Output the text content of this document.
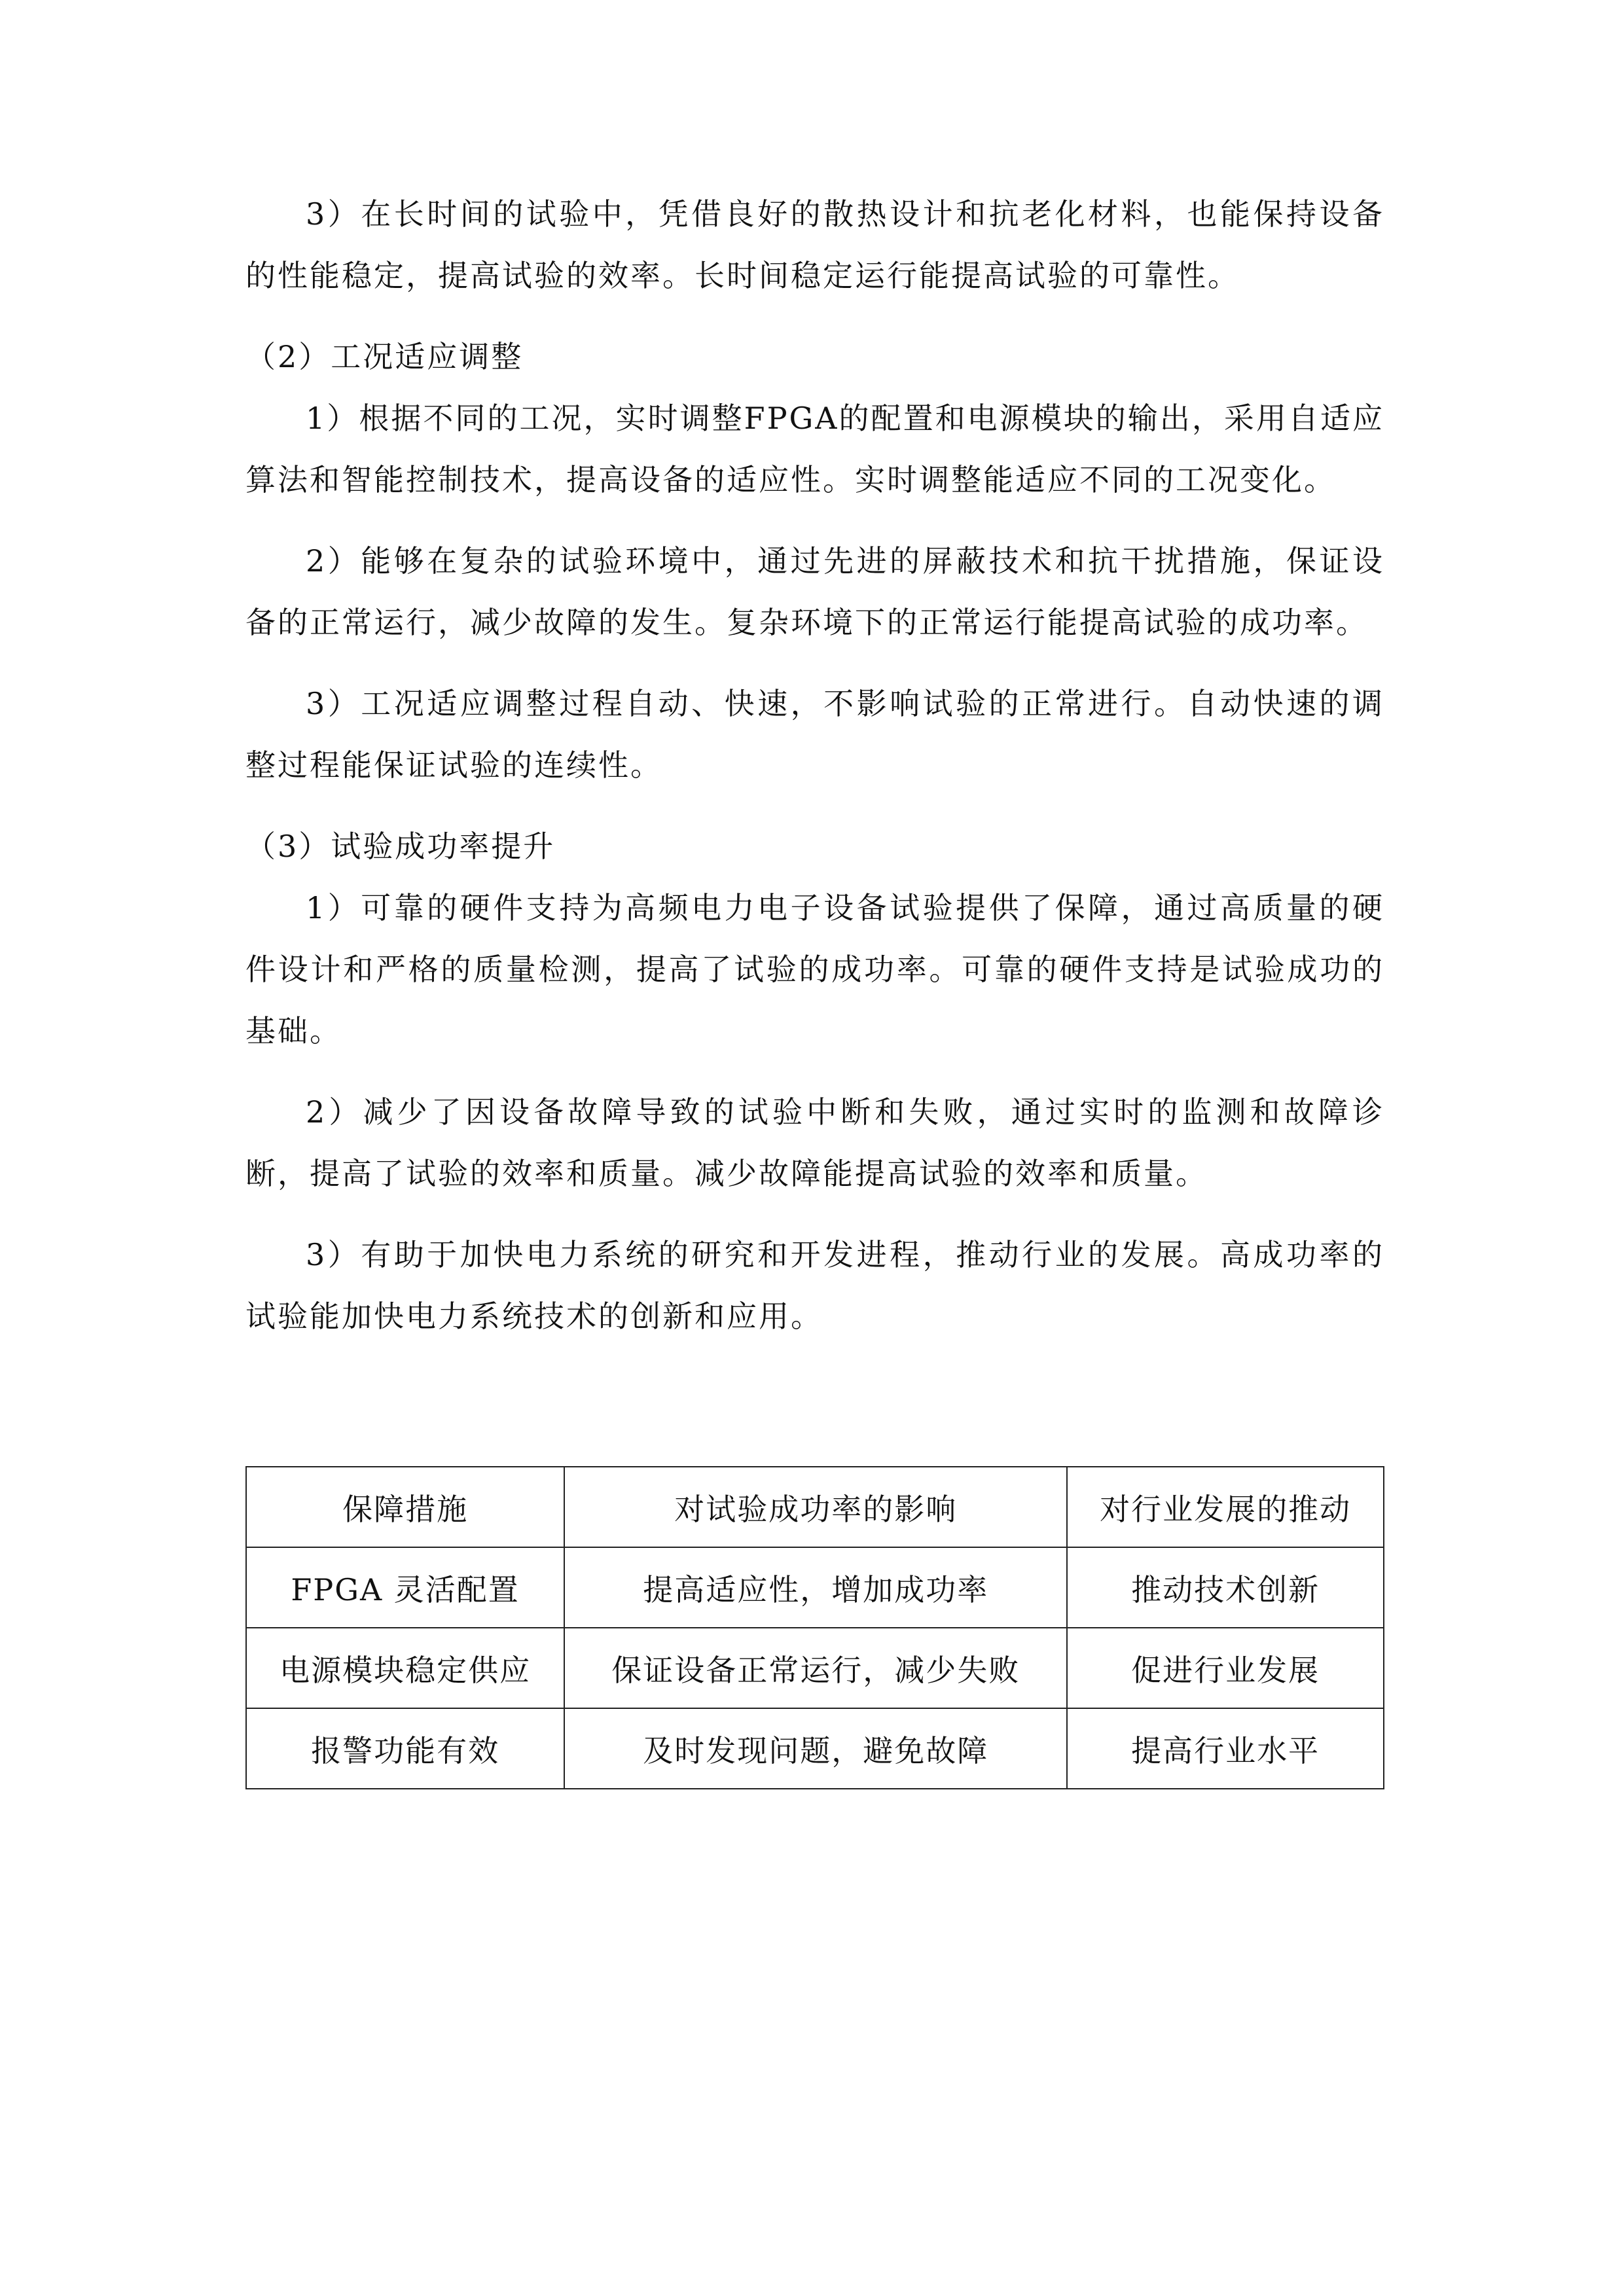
3）在长时间的试验中，凭借良好的散热设计和抗老化材料，也能保持设备的性能稳定，提高试验的效率。长时间稳定运行能提高试验的可靠性。

（2）工况适应调整

1）根据不同的工况，实时调整FPGA的配置和电源模块的输出，采用自适应算法和智能控制技术，提高设备的适应性。实时调整能适应不同的工况变化。

2）能够在复杂的试验环境中，通过先进的屏蔽技术和抗干扰措施，保证设备的正常运行，减少故障的发生。复杂环境下的正常运行能提高试验的成功率。

3）工况适应调整过程自动、快速，不影响试验的正常进行。自动快速的调整过程能保证试验的连续性。

（3）试验成功率提升

1）可靠的硬件支持为高频电力电子设备试验提供了保障，通过高质量的硬件设计和严格的质量检测，提高了试验的成功率。可靠的硬件支持是试验成功的基础。

2）减少了因设备故障导致的试验中断和失败，通过实时的监测和故障诊断，提高了试验的效率和质量。减少故障能提高试验的效率和质量。

3）有助于加快电力系统的研究和开发进程，推动行业的发展。高成功率的试验能加快电力系统技术的创新和应用。

保障措施	对试验成功率的影响	对行业发展的推动
FPGA 灵活配置	提高适应性，增加成功率	推动技术创新
电源模块稳定供应	保证设备正常运行，减少失败	促进行业发展
报警功能有效	及时发现问题，避免故障	提高行业水平
